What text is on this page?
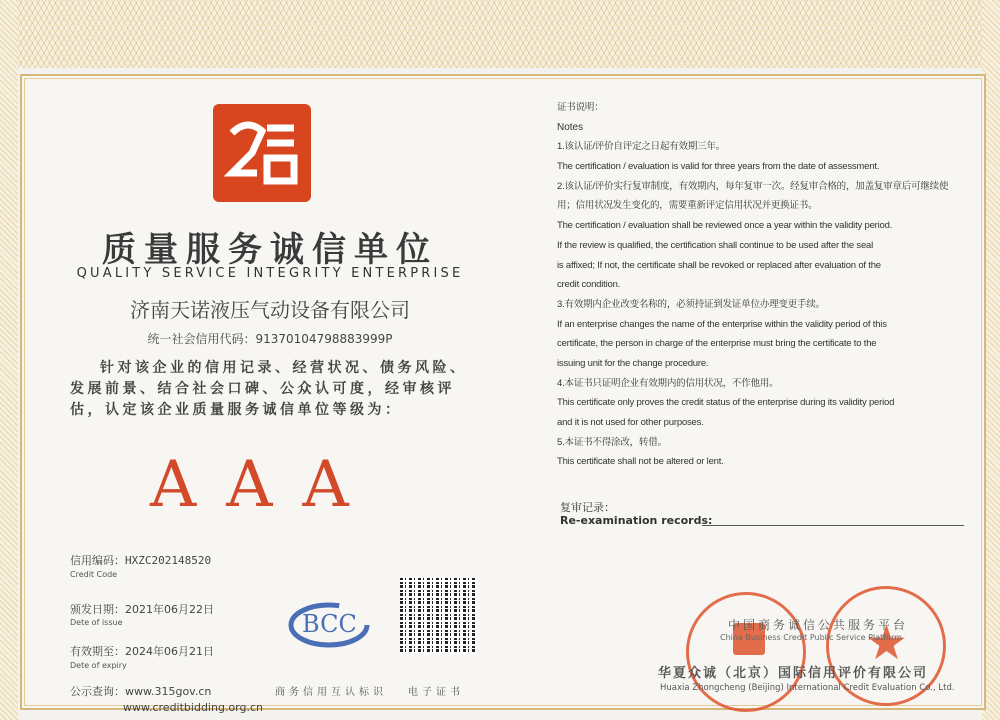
质量服务诚信单位
QUALITY SERVICE INTEGRITY ENTERPRISE
济南天诺液压气动设备有限公司
统一社会信用代码：91370104798883999P
针对该企业的信用记录、经营状况、债务风险、发展前景、结合社会口碑、公众认可度，经审核评估，认定该企业质量服务诚信单位等级为：
AAA
信用编码：HXZC202148520
Credit Code
颁发日期：2021年06月22日
Dete of issue
有效期至：2024年06月21日
Dete of expiry
公示查询：www.315gov.cn
www.creditbidding.org.cn
BCC
商务信用互认标识 电子证书
证书说明：
Notes
1.该认证/评价自评定之日起有效期三年。
The certification / evaluation is valid for three years from the date of assessment.
2.该认证/评价实行复审制度，有效期内，每年复审一次。经复审合格的，加盖复审章后可继续使
用；信用状况发生变化的，需要重新评定信用状况并更换证书。
The certification / evaluation shall be reviewed once a year within the validity period.
If the review is qualified, the certification shall continue to be used after the seal
is affixed; If not, the certificate shall be revoked or replaced after evaluation of the
credit condition.
3.有效期内企业改变名称的，必须持证到发证单位办理变更手续。
If an enterprise changes the name of the enterprise within the validity period of this
certificate, the person in charge of the enterprise must bring the certificate to the
issuing unit for the change procedure.
4.本证书只证明企业有效期内的信用状况，不作他用。
This certificate only proves the credit status of the enterprise during its validity period
and it is not used for other purposes.
5.本证书不得涂改，转借。
This certificate shall not be altered or lent.
复审记录：
Re-examination records:
★
中国商务诚信公共服务平台
China Business Credit Public Service Platform
华夏众诚（北京）国际信用评价有限公司
Huaxia Zhongcheng (Beijing) International Credit Evaluation Co., Ltd.
